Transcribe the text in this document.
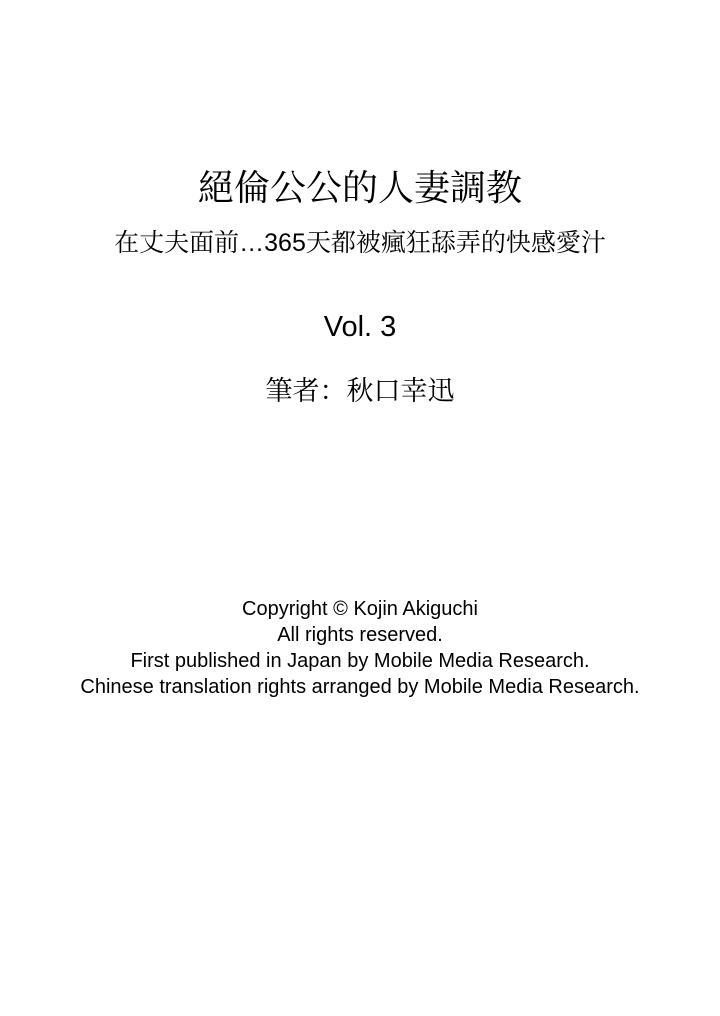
絕倫公公的人妻調教
在丈夫面前…365天都被瘋狂舔弄的快感愛汁
Vol. 3
筆者：秋口幸迅
Copyright © Kojin Akiguchi
All rights reserved.
First published in Japan by Mobile Media Research.
Chinese translation rights arranged by Mobile Media Research.
